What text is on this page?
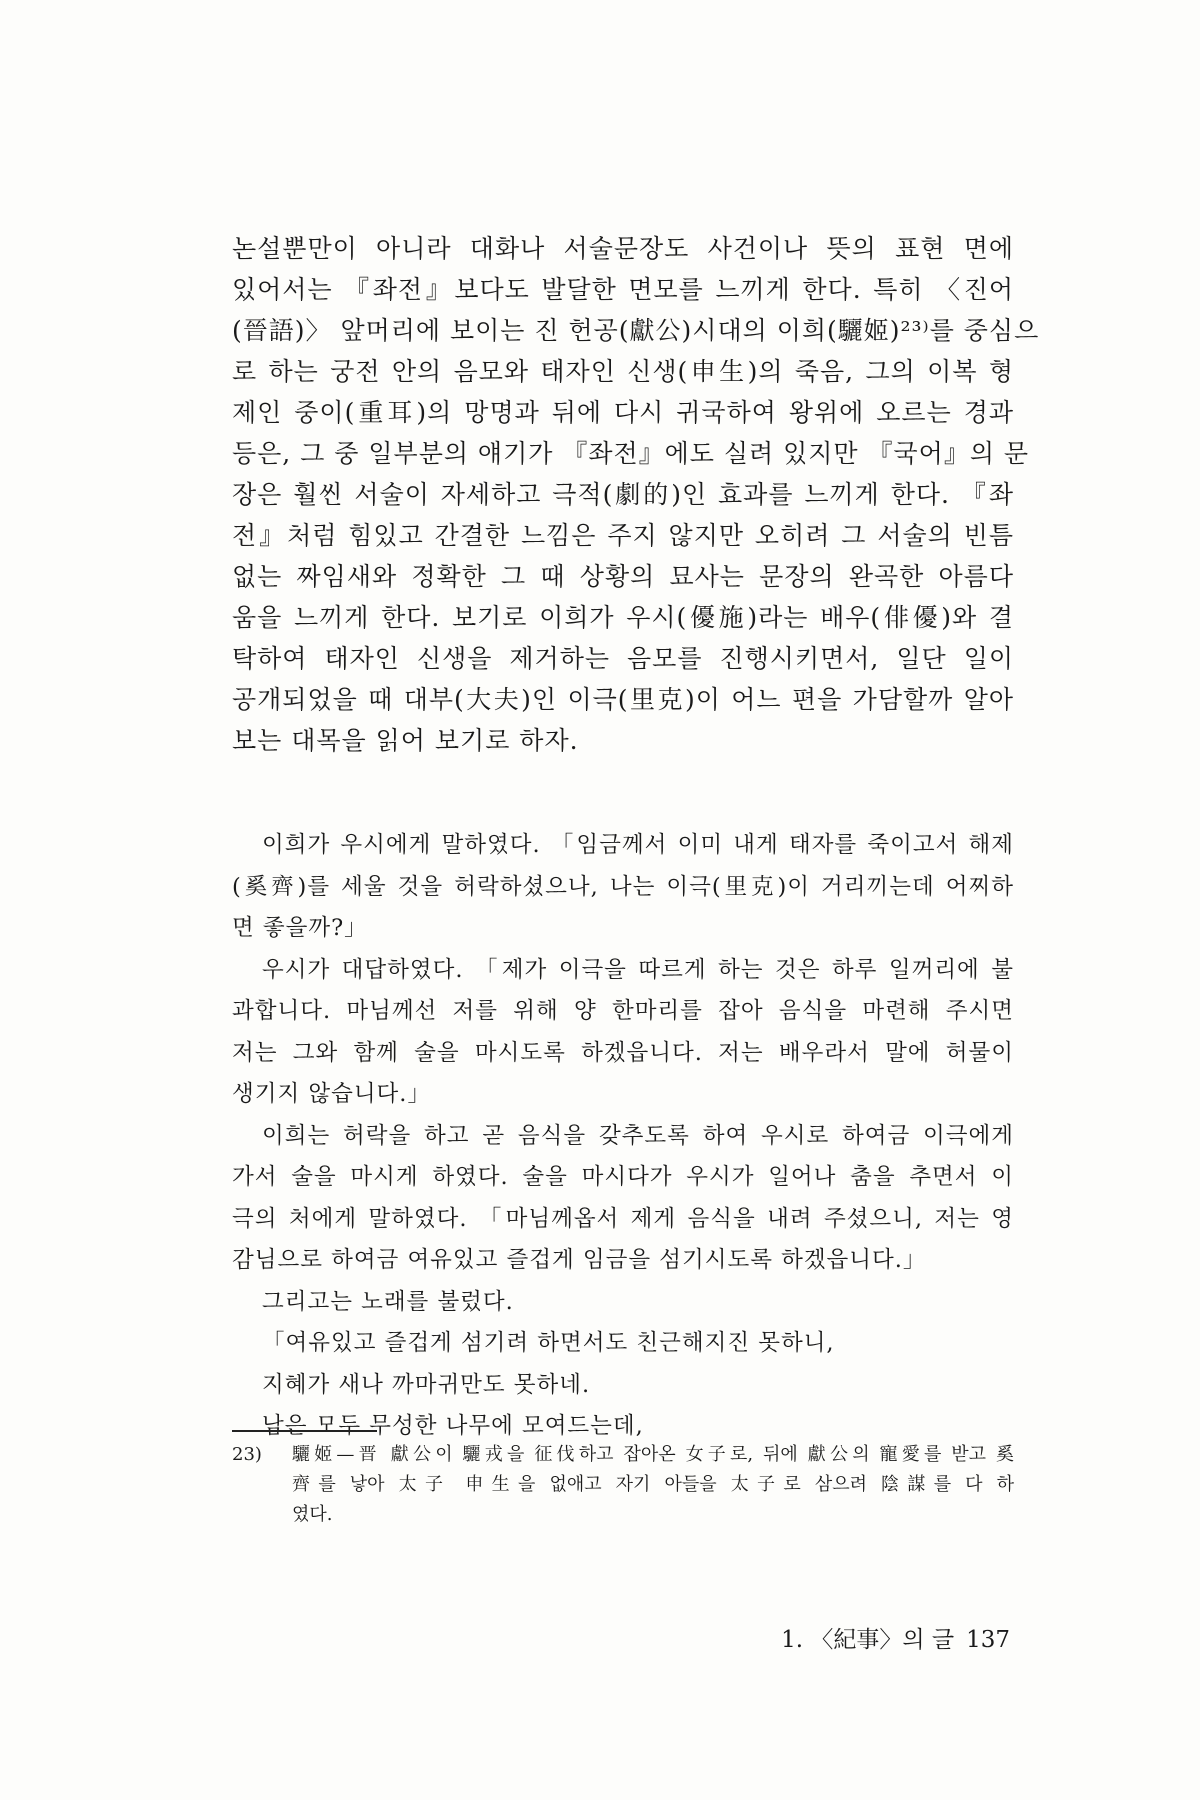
논설뿐만이 아니라 대화나 서술문장도 사건이나 뜻의 표현 면에
있어서는 『좌전』보다도 발달한 면모를 느끼게 한다. 특히 〈진어
(晉語)〉 앞머리에 보이는 진 헌공(獻公)시대의 이희(驪姬)²³⁾를 중심으
로 하는 궁전 안의 음모와 태자인 신생(申生)의 죽음, 그의 이복 형
제인 중이(重耳)의 망명과 뒤에 다시 귀국하여 왕위에 오르는 경과
등은, 그 중 일부분의 얘기가 『좌전』에도 실려 있지만 『국어』의 문
장은 훨씬 서술이 자세하고 극적(劇的)인 효과를 느끼게 한다. 『좌
전』처럼 힘있고 간결한 느낌은 주지 않지만 오히려 그 서술의 빈틈
없는 짜임새와 정확한 그 때 상황의 묘사는 문장의 완곡한 아름다
움을 느끼게 한다. 보기로 이희가 우시(優施)라는 배우(俳優)와 결
탁하여 태자인 신생을 제거하는 음모를 진행시키면서, 일단 일이
공개되었을 때 대부(大夫)인 이극(里克)이 어느 편을 가담할까 알아
보는 대목을 읽어 보기로 하자.
이희가 우시에게 말하였다. 「임금께서 이미 내게 태자를 죽이고서 해제
(奚齊)를 세울 것을 허락하셨으나, 나는 이극(里克)이 거리끼는데 어찌하
면 좋을까?」
우시가 대답하였다. 「제가 이극을 따르게 하는 것은 하루 일꺼리에 불
과합니다. 마님께선 저를 위해 양 한마리를 잡아 음식을 마련해 주시면
저는 그와 함께 술을 마시도록 하겠읍니다. 저는 배우라서 말에 허물이
생기지 않습니다.」
이희는 허락을 하고 곧 음식을 갖추도록 하여 우시로 하여금 이극에게
가서 술을 마시게 하였다. 술을 마시다가 우시가 일어나 춤을 추면서 이
극의 처에게 말하였다. 「마님께옵서 제게 음식을 내려 주셨으니, 저는 영
감님으로 하여금 여유있고 즐겁게 임금을 섬기시도록 하겠읍니다.」
그리고는 노래를 불렀다.
「여유있고 즐겁게 섬기려 하면서도 친근해지진 못하니,
지혜가 새나 까마귀만도 못하네.
남은 모두 무성한 나무에 모여드는데,
23)	驪姬—晋 獻公이 驪戎을 征伐하고 잡아온 女子로, 뒤에 獻公의 寵愛를 받고 奚
齊를 낳아 太子 申生을 없애고 자기 아들을 太子로 삼으려 陰謀를 다 하
였다.
1. 〈紀事〉의 글 137
